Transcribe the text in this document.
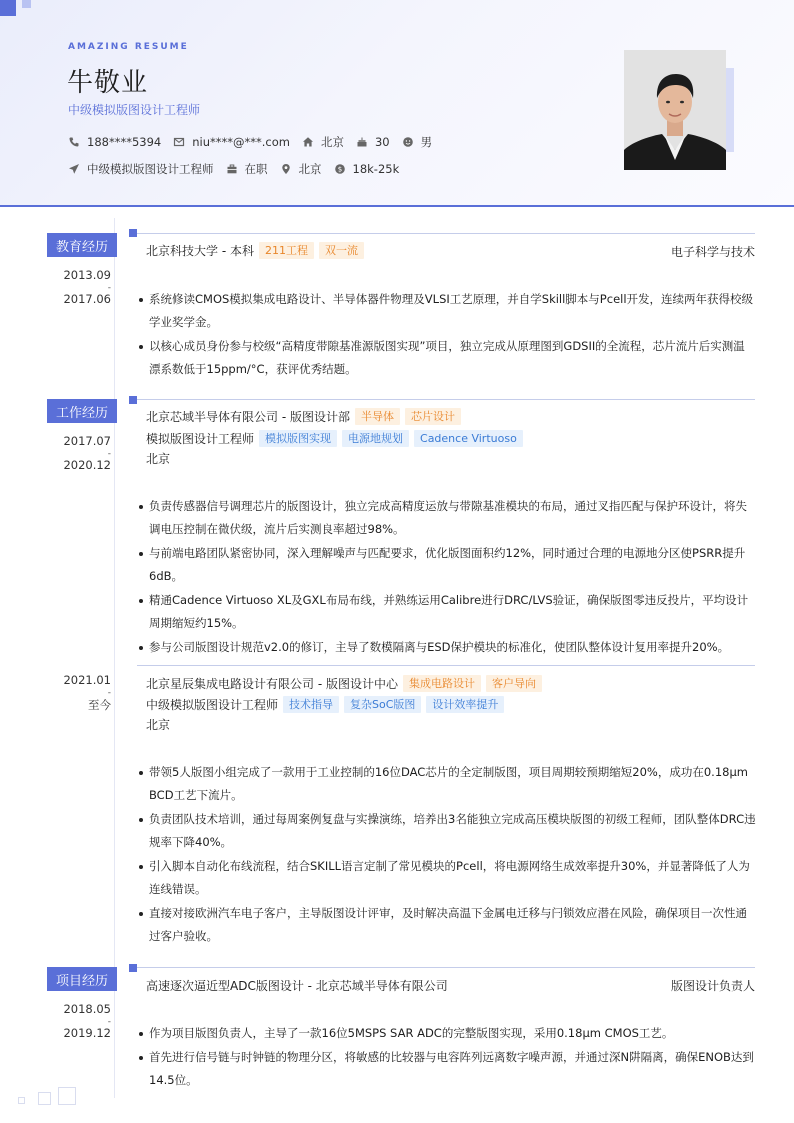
AMAZING RESUME
牛敬业
中级模拟版图设计工程师
188****5394	niu****@***.com	北京	30	男
中级模拟版图设计工程师	在职	北京 $ 18k-25k
教育经历
2013.09
-
2017.06
北京科技大学 - 本科	211工程	双一流	电子科学与技术
系统修读CMOS模拟集成电路设计、半导体器件物理及VLSI工艺原理，并自学Skill脚本与Pcell开发，连续两年获得校级学业奖学金。
以核心成员身份参与校级“高精度带隙基准源版图实现”项目，独立完成从原理图到GDSII的全流程，芯片流片后实测温漂系数低于15ppm/°C，获评优秀结题。
工作经历
2017.07
-
2020.12
北京芯域半导体有限公司 - 版图设计部	半导体	芯片设计
模拟版图设计工程师	模拟版图实现	电源地规划	Cadence Virtuoso
北京
负责传感器信号调理芯片的版图设计，独立完成高精度运放与带隙基准模块的布局，通过叉指匹配与保护环设计，将失调电压控制在微伏级，流片后实测良率超过98%。
与前端电路团队紧密协同，深入理解噪声与匹配要求，优化版图面积约12%，同时通过合理的电源地分区使PSRR提升6dB。
精通Cadence Virtuoso XL及GXL布局布线，并熟练运用Calibre进行DRC/LVS验证，确保版图零违反投片，平均设计周期缩短约15%。
参与公司版图设计规范v2.0的修订，主导了数模隔离与ESD保护模块的标准化，使团队整体设计复用率提升20%。
2021.01
-
至今
北京星辰集成电路设计有限公司 - 版图设计中心	集成电路设计	客户导向
中级模拟版图设计工程师	技术指导	复杂SoC版图	设计效率提升
北京
带领5人版图小组完成了一款用于工业控制的16位DAC芯片的全定制版图，项目周期较预期缩短20%，成功在0.18μm BCD工艺下流片。
负责团队技术培训，通过每周案例复盘与实操演练，培养出3名能独立完成高压模块版图的初级工程师，团队整体DRC违规率下降40%。
引入脚本自动化布线流程，结合SKILL语言定制了常见模块的Pcell，将电源网络生成效率提升30%，并显著降低了人为连线错误。
直接对接欧洲汽车电子客户，主导版图设计评审，及时解决高温下金属电迁移与闩锁效应潜在风险，确保项目一次性通过客户验收。
项目经历
2018.05
-
2019.12
高速逐次逼近型ADC版图设计 - 北京芯域半导体有限公司	版图设计负责人
作为项目版图负责人，主导了一款16位5MSPS SAR ADC的完整版图实现，采用0.18μm CMOS工艺。
首先进行信号链与时钟链的物理分区，将敏感的比较器与电容阵列远离数字噪声源，并通过深N阱隔离，确保ENOB达到14.5位。
